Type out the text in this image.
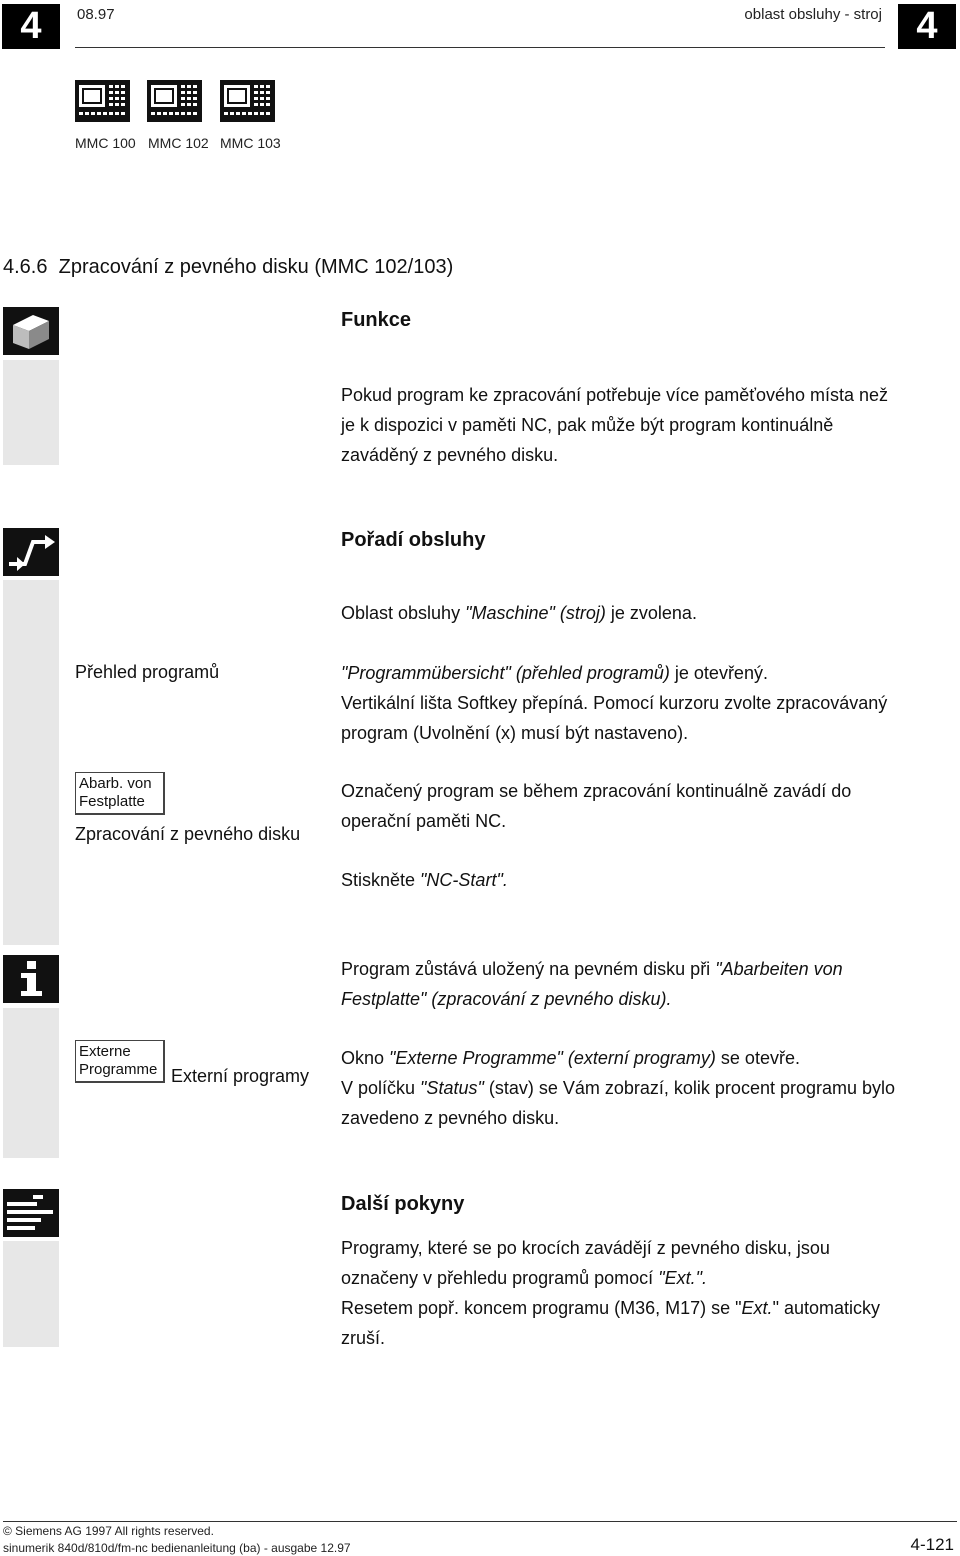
4	4
08.97	oblast obsluhy - stroj
MMC 100 MMC 102 MMC 103
4.6.6 Zpracování z pevného disku (MMC 102/103)
Funkce
Pokud program ke zpracování potřebuje více paměťového místa než
je k dispozici v paměti NC, pak může být program kontinuálně
zaváděný z pevného disku.
Pořadí obsluhy
Oblast obsluhy "Maschine" (stroj) je zvolena.
Přehled programů	"Programmübersicht" (přehled programů) je otevřený.
Vertikální lišta Softkey přepíná. Pomocí kurzoru zvolte zpracovávaný
program (Uvolnění (x) musí být nastaveno).
Abarb. von
Festplatte
Zpracování z pevného disku
Označený program se během zpracování kontinuálně zavádí do
operační paměti NC.
Stiskněte "NC-Start".
Program zůstává uložený na pevném disku při "Abarbeiten von
Festplatte" (zpracování z pevného disku).
Externe
Programme Externí programy
Okno "Externe Programme" (externí programy) se otevře.
V políčku "Status" (stav) se Vám zobrazí, kolik procent programu bylo
zavedeno z pevného disku.
Další pokyny
Programy, které se po krocích zavádějí z pevného disku, jsou
označeny v přehledu programů pomocí "Ext.".
Resetem popř. koncem programu (M36, M17) se "Ext." automaticky
zruší.
© Siemens AG 1997 All rights reserved.
sinumerik 840d/810d/fm-nc bedienanleitung (ba) - ausgabe 12.97	4-121
